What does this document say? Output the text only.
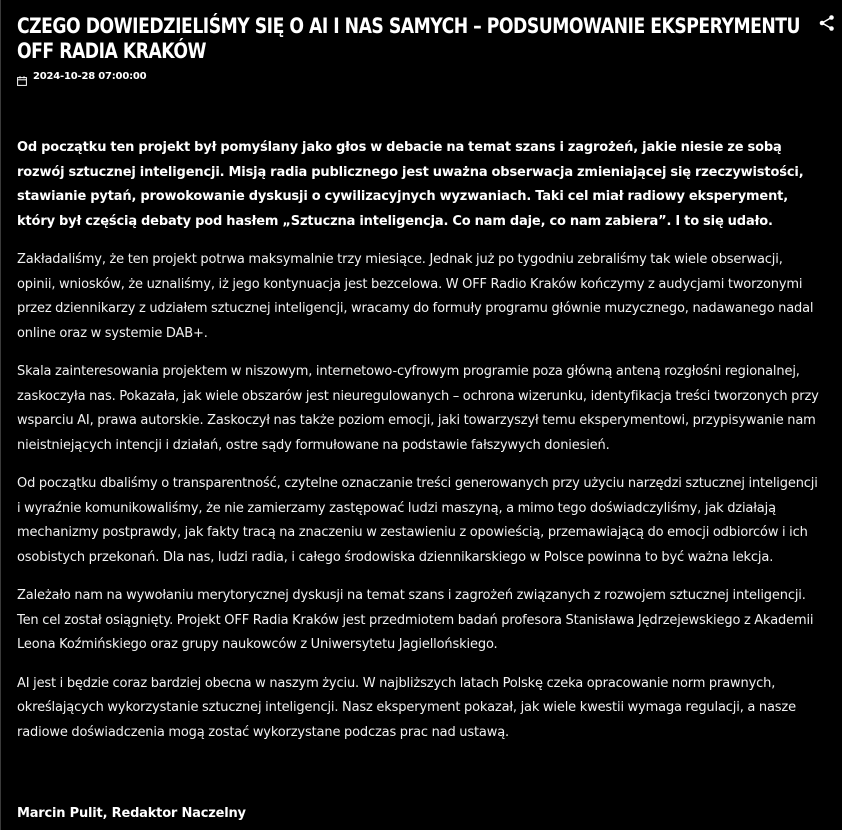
CZEGO DOWIEDZIELIŚMY SIĘ O AI I NAS SAMYCH – PODSUMOWANIE EKSPERYMENTU OFF RADIA KRAKÓW
2024-10-28 07:00:00

Od początku ten projekt był pomyślany jako głos w debacie na temat szans i zagrożeń, jakie niesie ze sobą rozwój sztucznej inteligencji. Misją radia publicznego jest uważna obserwacja zmieniającej się rzeczywistości, stawianie pytań, prowokowanie dyskusji o cywilizacyjnych wyzwaniach. Taki cel miał radiowy eksperyment, który był częścią debaty pod hasłem „Sztuczna inteligencja. Co nam daje, co nam zabiera”. I to się udało.

Zakładaliśmy, że ten projekt potrwa maksymalnie trzy miesiące. Jednak już po tygodniu zebraliśmy tak wiele obserwacji, opinii, wniosków, że uznaliśmy, iż jego kontynuacja jest bezcelowa. W OFF Radio Kraków kończymy z audycjami tworzonymi przez dziennikarzy z udziałem sztucznej inteligencji, wracamy do formuły programu głównie muzycznego, nadawanego nadal online oraz w systemie DAB+.

Skala zainteresowania projektem w niszowym, internetowo-cyfrowym programie poza główną anteną rozgłośni regionalnej, zaskoczyła nas. Pokazała, jak wiele obszarów jest nieuregulowanych – ochrona wizerunku, identyfikacja treści tworzonych przy wsparciu AI, prawa autorskie. Zaskoczył nas także poziom emocji, jaki towarzyszył temu eksperymentowi, przypisywanie nam nieistniejących intencji i działań, ostre sądy formułowane na podstawie fałszywych doniesień.

Od początku dbaliśmy o transparentność, czytelne oznaczanie treści generowanych przy użyciu narzędzi sztucznej inteligencji i wyraźnie komunikowaliśmy, że nie zamierzamy zastępować ludzi maszyną, a mimo tego doświadczyliśmy, jak działają mechanizmy postprawdy, jak fakty tracą na znaczeniu w zestawieniu z opowieścią, przemawiającą do emocji odbiorców i ich osobistych przekonań. Dla nas, ludzi radia, i całego środowiska dziennikarskiego w Polsce powinna to być ważna lekcja.

Zależało nam na wywołaniu merytorycznej dyskusji na temat szans i zagrożeń związanych z rozwojem sztucznej inteligencji. Ten cel został osiągnięty. Projekt OFF Radia Kraków jest przedmiotem badań profesora Stanisława Jędrzejewskiego z Akademii Leona Koźmińskiego oraz grupy naukowców z Uniwersytetu Jagiellońskiego.

AI jest i będzie coraz bardziej obecna w naszym życiu. W najbliższych latach Polskę czeka opracowanie norm prawnych, określających wykorzystanie sztucznej inteligencji. Nasz eksperyment pokazał, jak wiele kwestii wymaga regulacji, a nasze radiowe doświadczenia mogą zostać wykorzystane podczas prac nad ustawą.

Marcin Pulit, Redaktor Naczelny
